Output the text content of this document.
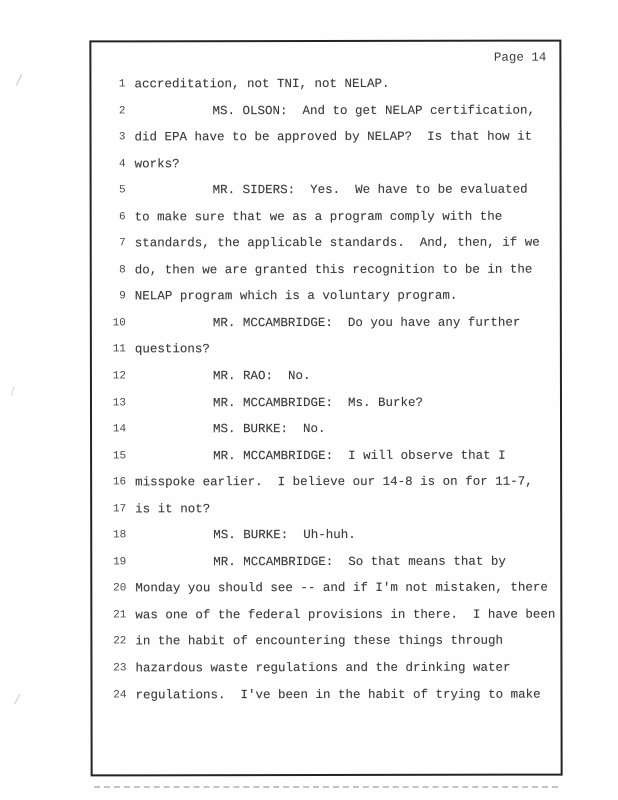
Page 14
1 accreditation, not TNI, not NELAP.
2	MS. OLSON:  And to get NELAP certification,
3 did EPA have to be approved by NELAP?  Is that how it
4 works?
5	MR. SIDERS:  Yes.  We have to be evaluated
6 to make sure that we as a program comply with the
7 standards, the applicable standards.  And, then, if we
8 do, then we are granted this recognition to be in the
9 NELAP program which is a voluntary program.
10	MR. MCCAMBRIDGE:  Do you have any further
11 questions?
12	MR. RAO:  No.
13	MR. MCCAMBRIDGE:  Ms. Burke?
14	MS. BURKE:  No.
15	MR. MCCAMBRIDGE:  I will observe that I
16 misspoke earlier.  I believe our 14-8 is on for 11-7,
17 is it not?
18	MS. BURKE:  Uh-huh.
19	MR. MCCAMBRIDGE:  So that means that by
20 Monday you should see -- and if I'm not mistaken, there
21 was one of the federal provisions in there.  I have been
22 in the habit of encountering these things through
23 hazardous waste regulations and the drinking water
24 regulations.  I've been in the habit of trying to make
